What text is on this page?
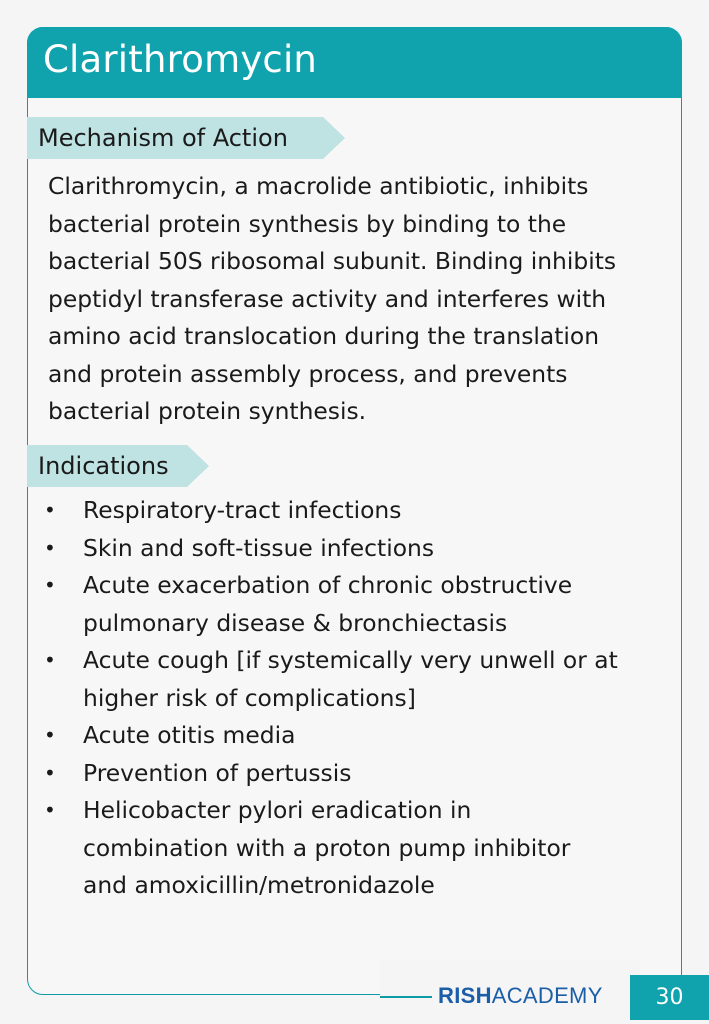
Clarithromycin
Mechanism of Action

Clarithromycin, a macrolide antibiotic, inhibits
bacterial protein synthesis by binding to the
bacterial 50S ribosomal subunit. Binding inhibits
peptidyl transferase activity and interferes with
amino acid translocation during the translation
and protein assembly process, and prevents
bacterial protein synthesis.

Indications
• Respiratory-tract infections
• Skin and soft-tissue infections
• Acute exacerbation of chronic obstructive
pulmonary disease & bronchiectasis
• Acute cough [if systemically very unwell or at
higher risk of complications]
• Acute otitis media
• Prevention of pertussis
• Helicobacter pylori eradication in
combination with a proton pump inhibitor
and amoxicillin/metronidazole
RISHACADEMY	30
